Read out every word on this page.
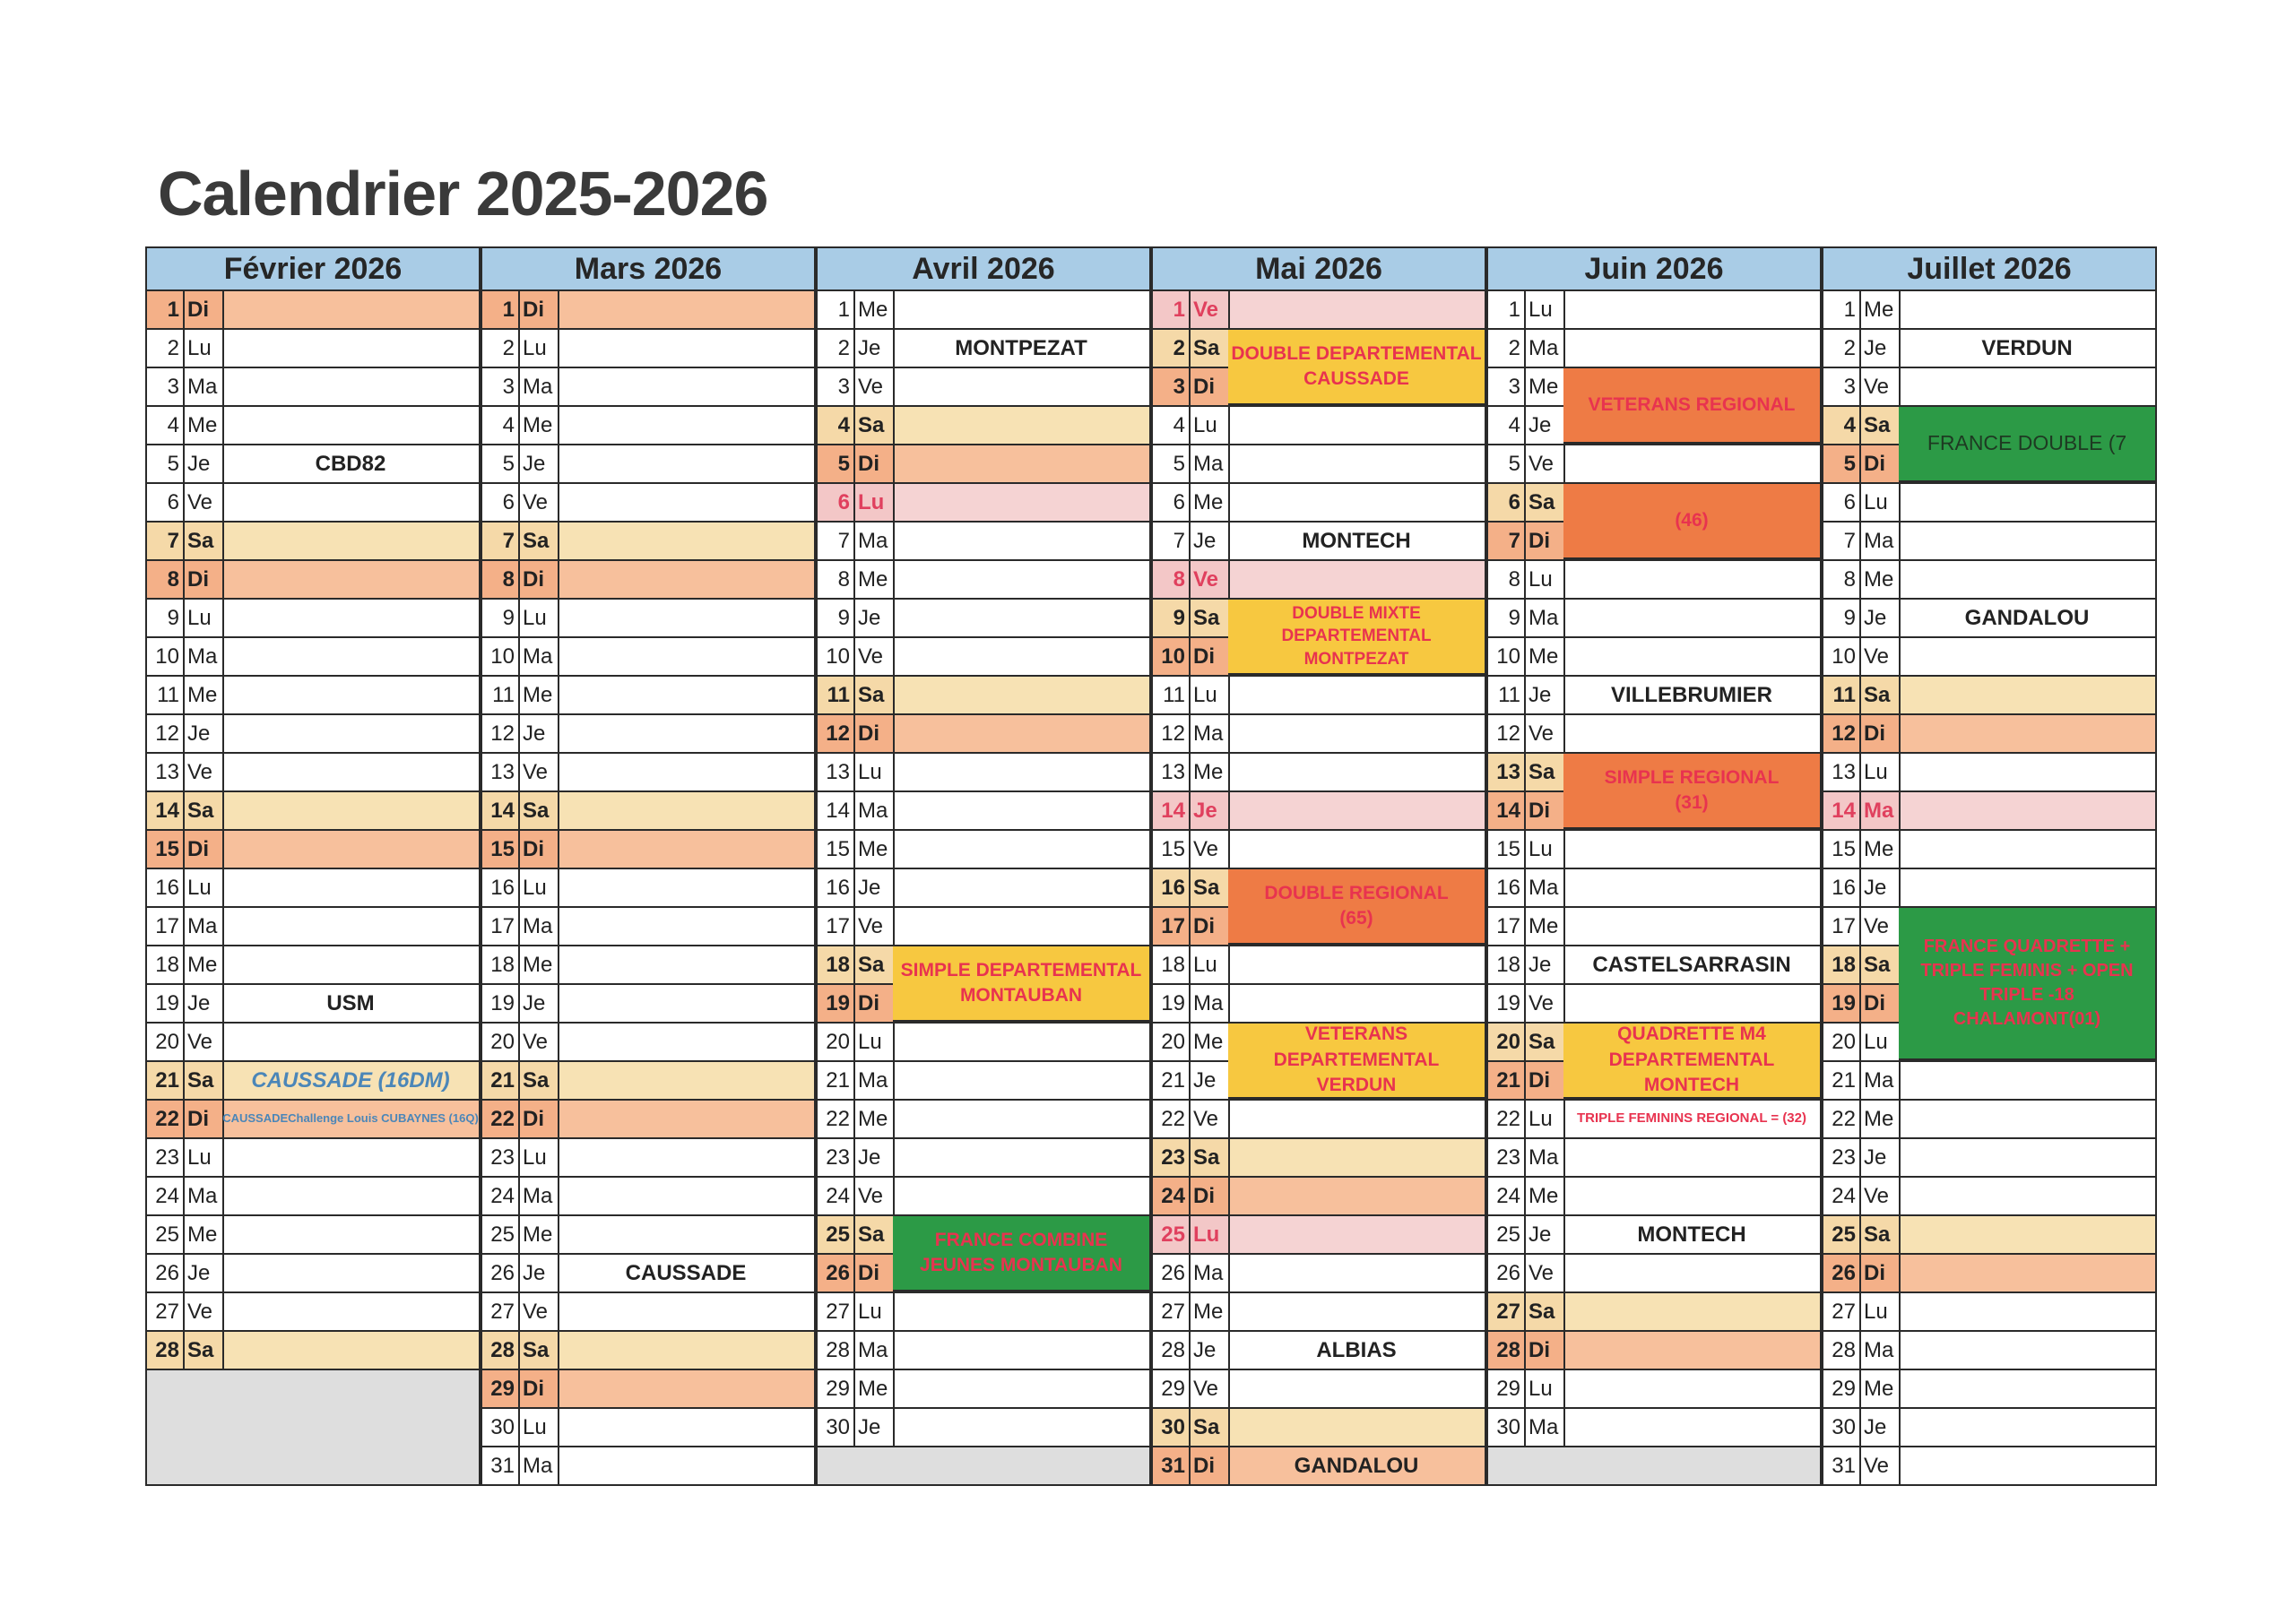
Calendrier 2025-2026
Février 2026
1 Di
2 Lu
3 Ma
4 Me
5 Je
6 Ve
7 Sa
8 Di
9 Lu
10 Ma
11 Me
12 Je
13 Ve
14 Sa
15 Di
16 Lu
17 Ma
18 Me
19 Je
20 Ve
21 Sa
22 Di
23 Lu
24 Ma
25 Me
26 Je
27 Ve
28 Sa
CBD82
USM
CAUSSADE (16DM)
CAUSSADEChallenge Louis CUBAYNES (16Q)
Mars 2026
1 Di
2 Lu
3 Ma
4 Me
5 Je
6 Ve
7 Sa
8 Di
9 Lu
10 Ma
11 Me
12 Je
13 Ve
14 Sa
15 Di
16 Lu
17 Ma
18 Me
19 Je
20 Ve
21 Sa
22 Di
23 Lu
24 Ma
25 Me
26 Je
27 Ve
28 Sa
29 Di
30 Lu
31 Ma
CAUSSADE
Avril 2026
1 Me
2 Je
3 Ve
4 Sa
5 Di
6 Lu
7 Ma
8 Me
9 Je
10 Ve
11 Sa
12 Di
13 Lu
14 Ma
15 Me
16 Je
17 Ve
18 Sa
19 Di
20 Lu
21 Ma
22 Me
23 Je
24 Ve
25 Sa
26 Di
27 Lu
28 Ma
29 Me
30 Je
MONTPEZAT
SIMPLE DEPARTEMENTAL
MONTAUBAN
FRANCE COMBINE
JEUNES MONTAUBAN
Mai 2026
1 Ve
2 Sa
3 Di
4 Lu
5 Ma
6 Me
7 Je
8 Ve
9 Sa
10 Di
11 Lu
12 Ma
13 Me
14 Je
15 Ve
16 Sa
17 Di
18 Lu
19 Ma
20 Me
21 Je
22 Ve
23 Sa
24 Di
25 Lu
26 Ma
27 Me
28 Je
29 Ve
30 Sa
31 Di
DOUBLE DEPARTEMENTAL
CAUSSADE
MONTECH
DOUBLE MIXTE
DEPARTEMENTAL
MONTPEZAT
DOUBLE REGIONAL
(65)
VETERANS DEPARTEMENTAL
VERDUN
ALBIAS
GANDALOU
Juin 2026
1 Lu
2 Ma
3 Me
4 Je
5 Ve
6 Sa
7 Di
8 Lu
9 Ma
10 Me
11 Je
12 Ve
13 Sa
14 Di
15 Lu
16 Ma
17 Me
18 Je
19 Ve
20 Sa
21 Di
22 Lu
23 Ma
24 Me
25 Je
26 Ve
27 Sa
28 Di
29 Lu
30 Ma
VETERANS REGIONAL
(46)
VILLEBRUMIER
SIMPLE REGIONAL
(31)
CASTELSARRASIN
QUADRETTE M4
DEPARTEMENTAL MONTECH
TRIPLE FEMININS REGIONAL = (32)
MONTECH
Juillet 2026
1 Me
2 Je
3 Ve
4 Sa
5 Di
6 Lu
7 Ma
8 Me
9 Je
10 Ve
11 Sa
12 Di
13 Lu
14 Ma
15 Me
16 Je
17 Ve
18 Sa
19 Di
20 Lu
21 Ma
22 Me
23 Je
24 Ve
25 Sa
26 Di
27 Lu
28 Ma
29 Me
30 Je
31 Ve
VERDUN
FRANCE DOUBLE (7
GANDALOU
FRANCE QUADRETTE +
TRIPLE FEMINIS + OPEN
TRIPLE -18
CHALAMONT(01)
